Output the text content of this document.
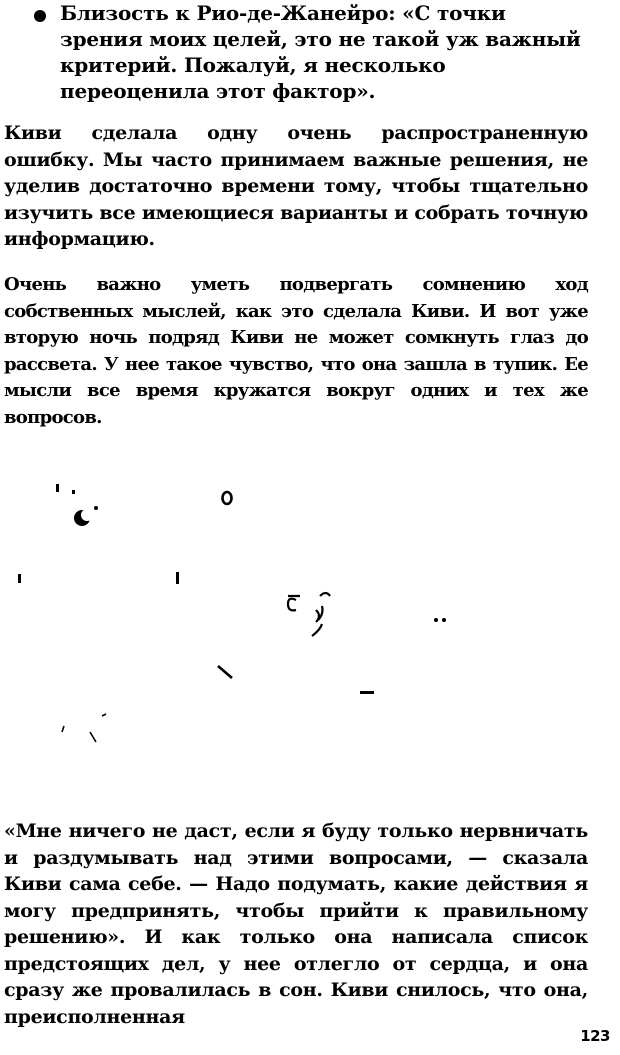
Близость к Рио-де-Жанейро: «С точки зрения моих целей, это не такой уж важный критерий. Пожалуй, я несколько переоценила этот фактор».
Киви сделала одну очень распространенную ошибку. Мы часто принимаем важные решения, не уделив достаточно времени тому, чтобы тщательно изучить все имеющиеся варианты и собрать точную информацию.
Очень важно уметь подвергать сомнению ход собственных мыслей, как это сделала Киви. И вот уже вторую ночь подряд Киви не может сомкнуть глаз до рассвета. У нее такое чувство, что она зашла в тупик. Ее мысли все время кружатся вокруг одних и тех же вопросов.
«Мне ничего не даст, если я буду только нервничать и раздумывать над этими вопросами, — сказала Киви сама себе. — Надо подумать, какие действия я могу предпринять, чтобы прийти к правильному решению». И как только она написала список предстоящих дел, у нее отлегло от сердца, и она сразу же провалилась в сон. Киви снилось, что она, преисполненная
123
